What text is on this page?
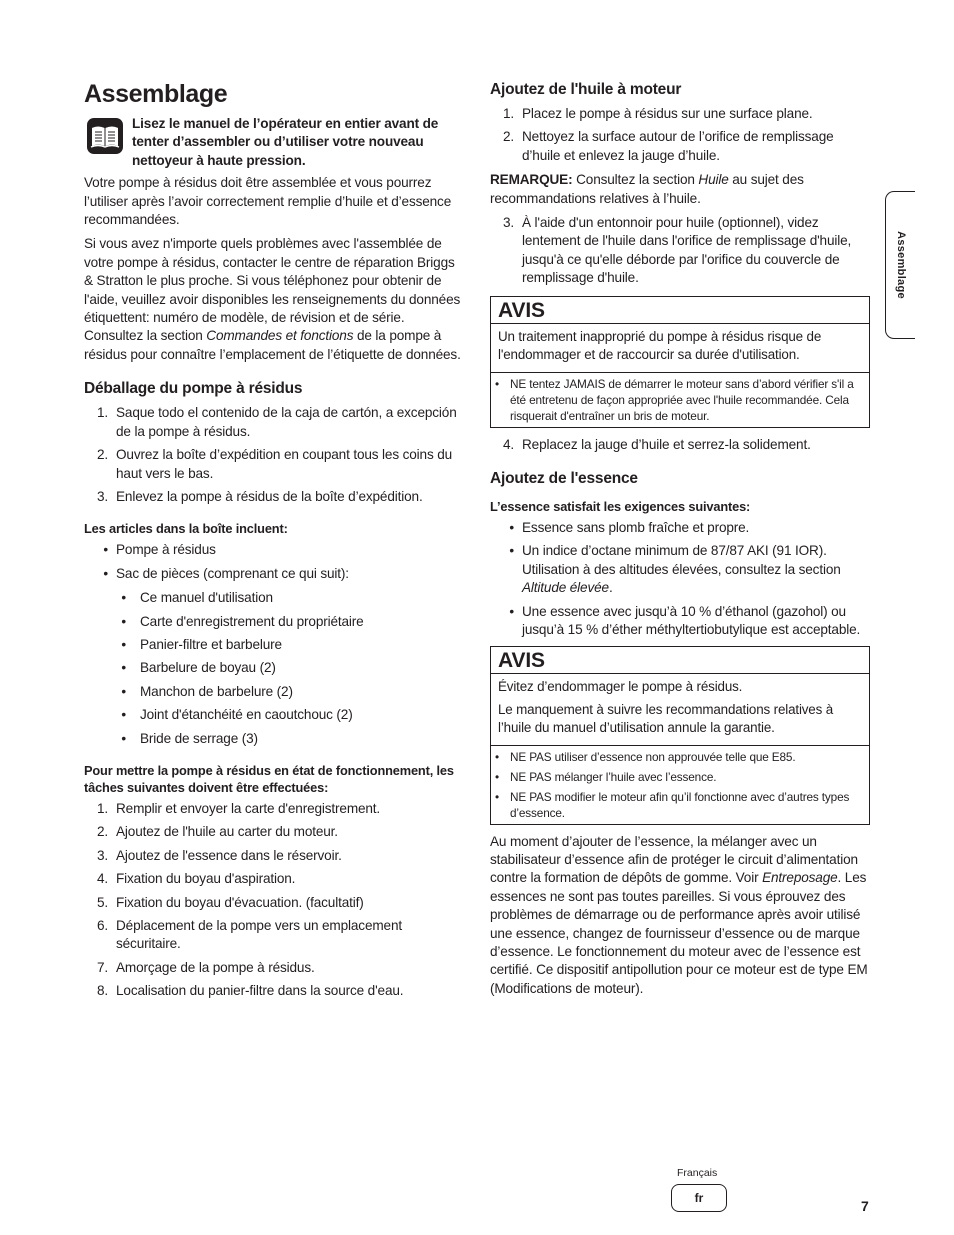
Assemblage
Lisez le manuel de l’opérateur en entier avant de tenter d’assembler ou d’utiliser votre nouveau nettoyeur à haute pression.

Votre pompe à résidus doit être assemblée et vous pourrez l’utiliser après l’avoir correctement remplie d’huile et d’essence recommandées.

Si vous avez n'importe quels problèmes avec l'assemblée de votre pompe à résidus, contacter le centre de réparation Briggs & Stratton le plus proche. Si vous téléphonez pour obtenir de l'aide, veuillez avoir disponibles les renseignements du données étiquettent: numéro de modèle, de révision et de série. Consultez la section Commandes et fonctions de la pompe à résidus pour connaître l’emplacement de l’étiquette de données.

Déballage du pompe à résidus
1. Saque todo el contenido de la caja de cartón, a excepción de la pompe à résidus.
2. Ouvrez la boîte d’expédition en coupant tous les coins du haut vers le bas.
3. Enlevez la pompe à résidus de la boîte d’expédition.
Les articles dans la boîte incluent:
• Pompe à résidus
• Sac de pièces (comprenant ce qui suit):
•	Ce manuel d'utilisation
•	Carte d'enregistrement du propriétaire
•	Panier-filtre et barbelure
•	Barbelure de boyau (2)
•	Manchon de barbelure (2)
•	Joint d'étanchéité en caoutchouc (2)
•	Bride de serrage (3)
Pour mettre la pompe à résidus en état de fonctionnement, les tâches suivantes doivent être effectuées:
1. Remplir et envoyer la carte d'enregistrement.
2. Ajoutez de l'huile au carter du moteur.
3. Ajoutez de l'essence dans le réservoir.
4. Fixation du boyau d'aspiration.
5. Fixation du boyau d'évacuation. (facultatif)
6. Déplacement de la pompe vers un emplacement sécuritaire.
7. Amorçage de la pompe à résidus.
8. Localisation du panier-filtre dans la source d'eau.
Ajoutez de l'huile à moteur
1. Placez le pompe à résidus sur une surface plane.
2. Nettoyez la surface autour de l’orifice de remplissage d’huile et enlevez la jauge d’huile.

REMARQUE: Consultez la section Huile au sujet des recommandations relatives à l’huile.

3. À l'aide d'un entonnoir pour huile (optionnel), videz lentement de l'huile dans l'orifice de remplissage d'huile, jusqu'à ce qu'elle déborde par l'orifice du couvercle de remplissage d'huile.
AVIS

Un traitement inapproprié du pompe à résidus risque de l'endommager et de raccourcir sa durée d'utilisation.

• NE tentez JAMAIS de démarrer le moteur sans d’abord vérifier s'il a été entretenu de façon appropriée avec l'huile recommandée. Cela risquerait d'entraîner un bris de moteur.
4. Replacez la jauge d’huile et serrez-la solidement.
Ajoutez de l'essence
L’essence satisfait les exigences suivantes:
• Essence sans plomb fraîche et propre.
• Un indice d’octane minimum de 87/87 AKI (91 IOR). Utilisation à des altitudes élevées, consultez la section Altitude élevée.
• Une essence avec jusqu’à 10 % d’éthanol (gazohol) ou jusqu’à 15 % d’éther méthyltertiobutylique est acceptable.
AVIS

Évitez d’endommager le pompe à résidus.

Le manquement à suivre les recommandations relatives à l’huile du manuel d’utilisation annule la garantie.

• NE PAS utiliser d’essence non approuvée telle que E85.
• NE PAS mélanger l’huile avec l’essence.
• NE PAS modifier le moteur afin qu’il fonctionne avec d’autres types d’essence.

Au moment d’ajouter de l’essence, la mélanger avec un stabilisateur d’essence afin de protéger le circuit d’alimentation contre la formation de dépôts de gomme. Voir Entreposage. Les essences ne sont pas toutes pareilles. Si vous éprouvez des problèmes de démarrage ou de performance après avoir utilisé une essence, changez de fournisseur d’essence ou de marque d’essence. Le fonctionnement du moteur avec de l’essence est certifié. Ce dispositif antipollution pour ce moteur est de type EM (Modifications de moteur).

Assemblage
Français
fr	7
